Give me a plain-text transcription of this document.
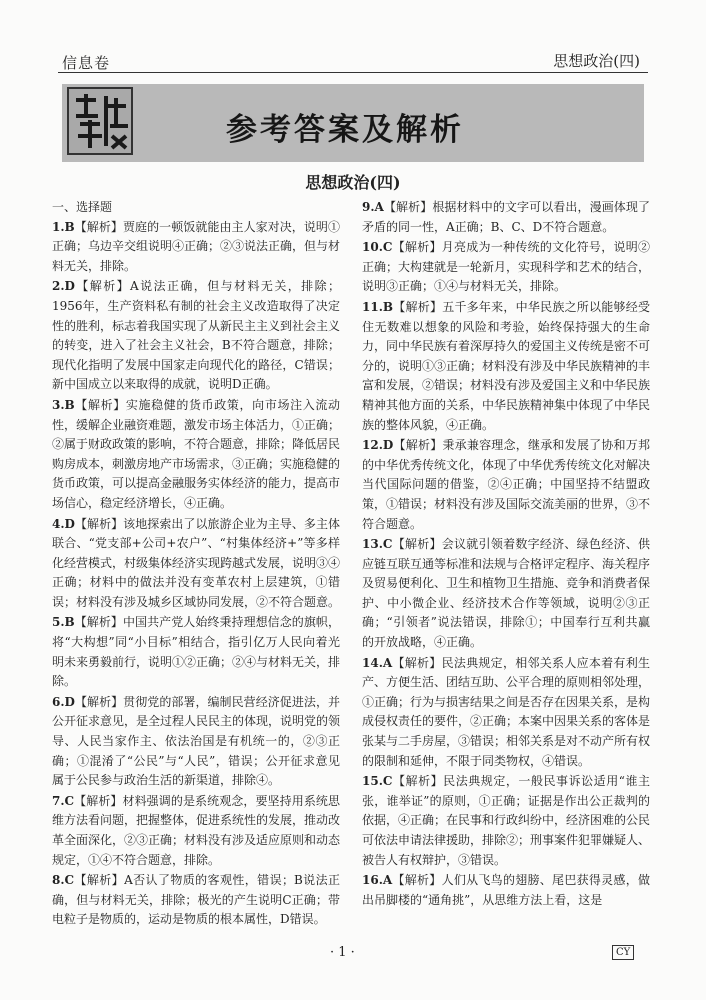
信息卷	思想政治(四)
参考答案及解析
思想政治(四)

一、选择题

1.B【解析】贾庭的一顿饭就能由主人家对决，说明①正确；乌边辛交组说明④正确；②③说法正确，但与材料无关，排除。
2.D【解析】A说法正确，但与材料无关，排除；1956年，生产资料私有制的社会主义改造取得了决定性的胜利，标志着我国实现了从新民主主义到社会主义的转变，进入了社会主义社会，B不符合题意，排除；现代化指明了发展中国家走向现代化的路径，C错误；新中国成立以来取得的成就，说明D正确。
3.B【解析】实施稳健的货币政策，向市场注入流动性，缓解企业融资难题，激发市场主体活力，①正确；②属于财政政策的影响，不符合题意，排除；降低居民购房成本，刺激房地产市场需求，③正确；实施稳健的货币政策，可以提高金融服务实体经济的能力，提高市场信心，稳定经济增长，④正确。
4.D【解析】该地探索出了以旅游企业为主导、多主体联合、“党支部+公司+农户”、“村集体经济+”等多样化经营模式，村级集体经济实现跨越式发展，说明③④正确；材料中的做法并没有变革农村上层建筑，①错误；材料没有涉及城乡区域协同发展，②不符合题意。
5.B【解析】中国共产党人始终秉持理想信念的旗帜，将“大构想”同“小目标”相结合，指引亿万人民向着光明未来勇毅前行，说明①②正确；②④与材料无关，排除。
6.D【解析】贯彻党的部署，编制民营经济促进法，并公开征求意见，是全过程人民民主的体现，说明党的领导、人民当家作主、依法治国是有机统一的，②③正确；①混淆了“公民”与“人民”，错误；公开征求意见属于公民参与政治生活的新渠道，排除④。
7.C【解析】材料强调的是系统观念，要坚持用系统思维方法看问题，把握整体，促进系统性的发展，推动改革全面深化，②③正确；材料没有涉及适应原则和动态规定，①④不符合题意，排除。
8.C【解析】A否认了物质的客观性，错误；B说法正确，但与材料无关，排除；极光的产生说明C正确；带电粒子是物质的，运动是物质的根本属性，D错误。
9.A【解析】根据材料中的文字可以看出，漫画体现了矛盾的同一性，A正确；B、C、D不符合题意。
10.C【解析】月亮成为一种传统的文化符号，说明②正确；大构建就是一轮新月，实现科学和艺术的结合，说明③正确；①④与材料无关，排除。
11.B【解析】五千多年来，中华民族之所以能够经受住无数难以想象的风险和考验，始终保持强大的生命力，同中华民族有着深厚持久的爱国主义传统是密不可分的，说明①③正确；材料没有涉及中华民族精神的丰富和发展，②错误；材料没有涉及爱国主义和中华民族精神其他方面的关系，中华民族精神集中体现了中华民族的整体风貌，④正确。
12.D【解析】秉承兼容理念，继承和发展了协和万邦的中华优秀传统文化，体现了中华优秀传统文化对解决当代国际问题的借鉴，②④正确；中国坚持不结盟政策，①错误；材料没有涉及国际交流美丽的世界，③不符合题意。
13.C【解析】会议就引领着数字经济、绿色经济、供应链互联互通等标准和法规与合格评定程序、海关程序及贸易便利化、卫生和植物卫生措施、竞争和消费者保护、中小微企业、经济技术合作等领域，说明②③正确；“引领者”说法错误，排除①；中国奉行互利共赢的开放战略，④正确。
14.A【解析】民法典规定，相邻关系人应本着有利生产、方便生活、团结互助、公平合理的原则相邻处理，①正确；行为与损害结果之间是否存在因果关系，是构成侵权责任的要件，②正确；本案中因果关系的客体是张某与二手房屋，③错误；相邻关系是对不动产所有权的限制和延伸，不限于同类物权，④错误。
15.C【解析】民法典规定，一般民事诉讼适用“谁主张，谁举证”的原则，①正确；证据是作出公正裁判的依据，④正确；在民事和行政纠纷中，经济困难的公民可依法申请法律援助，排除②；刑事案件犯罪嫌疑人、被告人有权辩护，③错误。
16.A【解析】人们从飞鸟的翅膀、尾巴获得灵感，做出吊脚楼的“通角挑”，从思维方法上看，这是
· 1 ·	CY
